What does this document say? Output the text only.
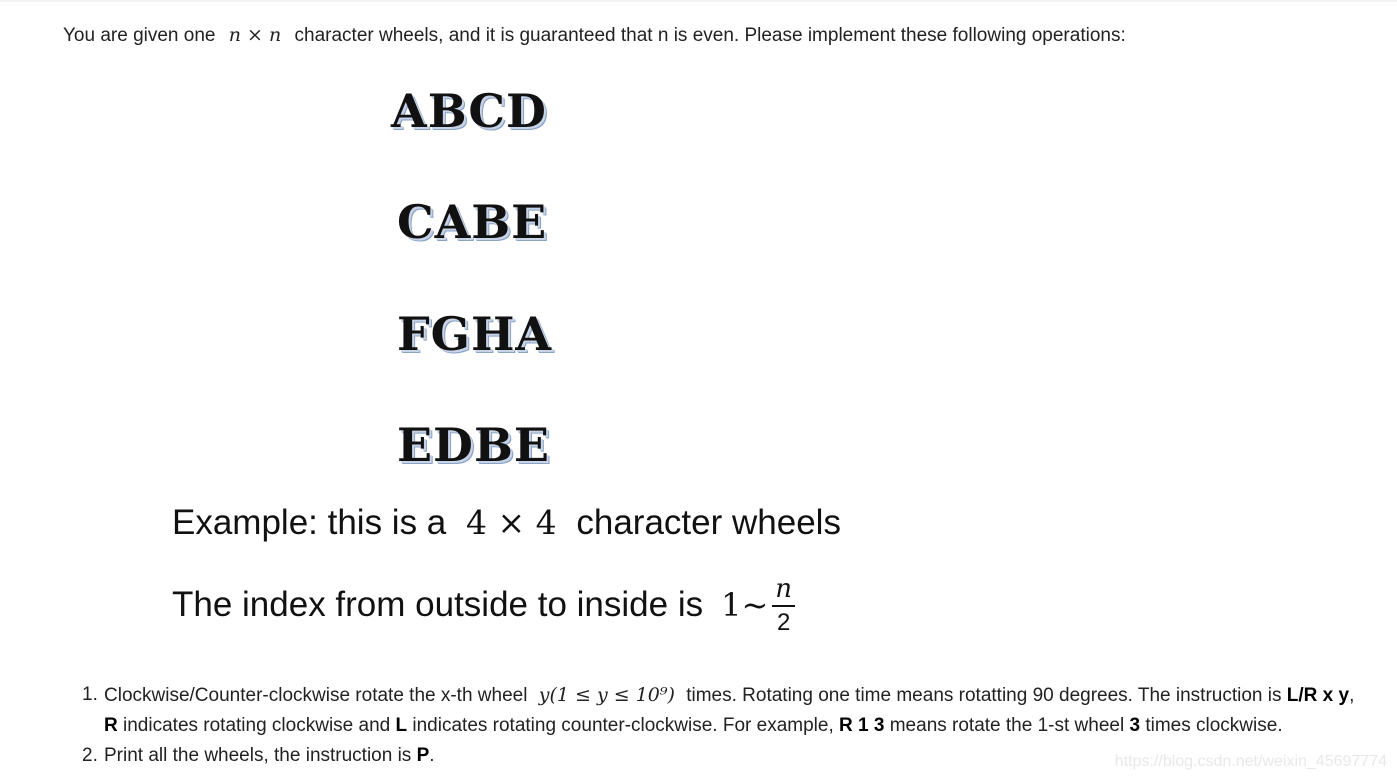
You are given one n × n character wheels, and it is guaranteed that n is even. Please implement these following operations:
ABCD
CABE
FGHA
EDBE
Example: this is a 4 × 4 character wheels
The index from outside to inside is 1 ~ $\frac{n}{2}$
1. Clockwise/Counter-clockwise rotate the x-th wheel y(1 ≤ y ≤ 10⁹) times. Rotating one time means rotatting 90 degrees. The instruction is L/R x y, R indicates rotating clockwise and L indicates rotating counter-clockwise. For example, R 1 3 means rotate the 1-st wheel 3 times clockwise.
2. Print all the wheels, the instruction is P.	https://blog.csdn.net/weixin_45697774
